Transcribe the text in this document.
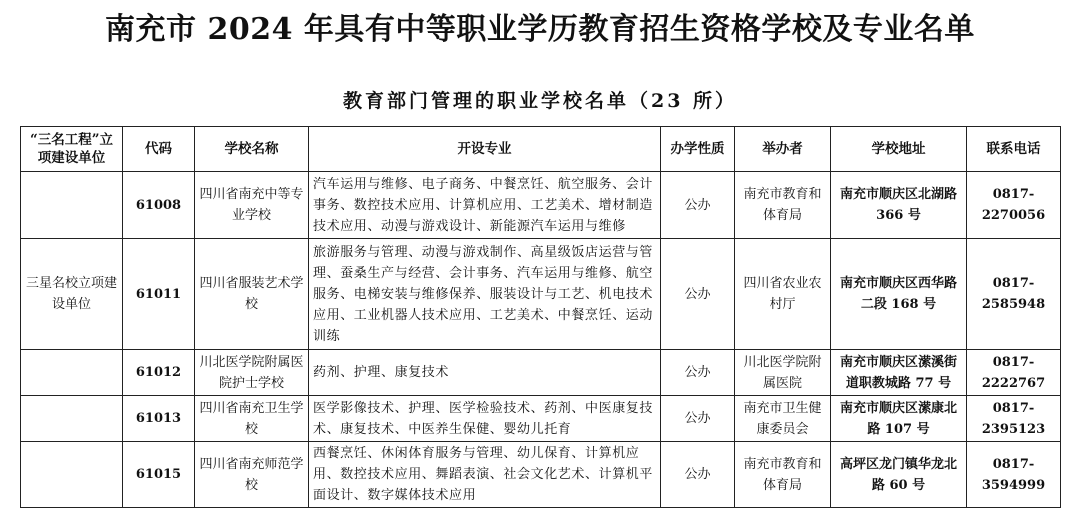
南充市 2024 年具有中等职业学历教育招生资格学校及专业名单
教育部门管理的职业学校名单（23 所）
“三名工程”立项建设单位	代码	学校名称	开设专业	办学性质	举办者	学校地址	联系电话
	61008	四川省南充中等专业学校	汽车运用与维修、电子商务、中餐烹饪、航空服务、会计事务、数控技术应用、计算机应用、工艺美术、增材制造技术应用、动漫与游戏设计、新能源汽车运用与维修	公办	南充市教育和体育局	南充市顺庆区北湖路 366 号	0817-2270056
三星名校立项建设单位	61011	四川省服装艺术学校	旅游服务与管理、动漫与游戏制作、高星级饭店运营与管理、蚕桑生产与经营、会计事务、汽车运用与维修、航空服务、电梯安装与维修保养、服装设计与工艺、机电技术应用、工业机器人技术应用、工艺美术、中餐烹饪、运动训练	公办	四川省农业农村厅	南充市顺庆区西华路二段 168 号	0817-2585948
	61012	川北医学院附属医院护士学校	药剂、护理、康复技术	公办	川北医学院附属医院	南充市顺庆区潆溪街道职教城路 77 号	0817-2222767
	61013	四川省南充卫生学校	医学影像技术、护理、医学检验技术、药剂、中医康复技术、康复技术、中医养生保健、婴幼儿托育	公办	南充市卫生健康委员会	南充市顺庆区潆康北路 107 号	0817-2395123
	61015	四川省南充师范学校	西餐烹饪、休闲体育服务与管理、幼儿保育、计算机应用、数控技术应用、舞蹈表演、社会文化艺术、计算机平面设计、数字媒体技术应用	公办	南充市教育和体育局	高坪区龙门镇华龙北路 60 号	0817-3594999
